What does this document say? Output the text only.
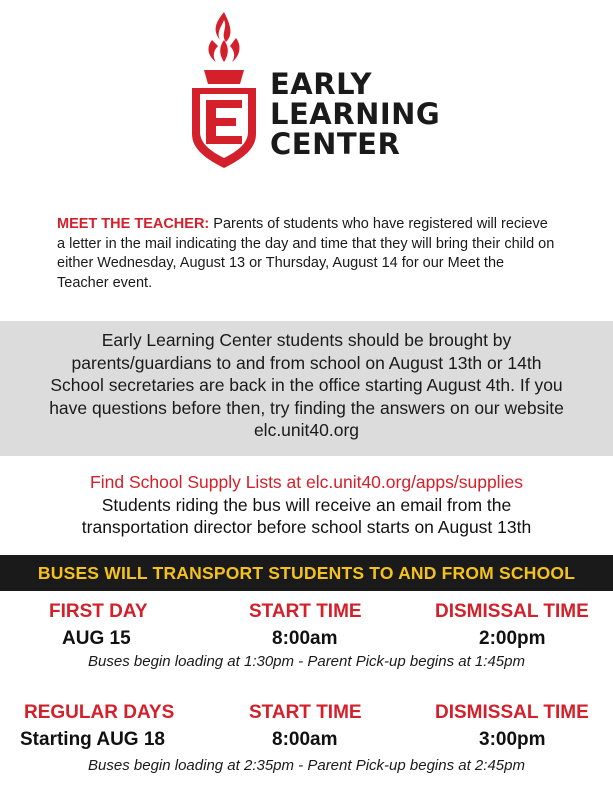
EARLY
LEARNING
CENTER
MEET THE TEACHER: Parents of students who have registered will recieve a letter in the mail indicating the day and time that they will bring their child on either Wednesday, August 13 or Thursday, August 14 for our Meet the Teacher event.
Early Learning Center students should be brought by
parents/guardians to and from school on August 13th or 14th
School secretaries are back in the office starting August 4th. If you
have questions before then, try finding the answers on our website
elc.unit40.org
Find School Supply Lists at elc.unit40.org/apps/supplies
Students riding the bus will receive an email from the
transportation director before school starts on August 13th
BUSES WILL TRANSPORT STUDENTS TO AND FROM SCHOOL
FIRST DAY
AUG 15
START TIME
8:00am
DISMISSAL TIME
2:00pm
Buses begin loading at 1:30pm - Parent Pick-up begins at 1:45pm
REGULAR DAYS
Starting AUG 18
START TIME
8:00am
DISMISSAL TIME
3:00pm
Buses begin loading at 2:35pm - Parent Pick-up begins at 2:45pm
